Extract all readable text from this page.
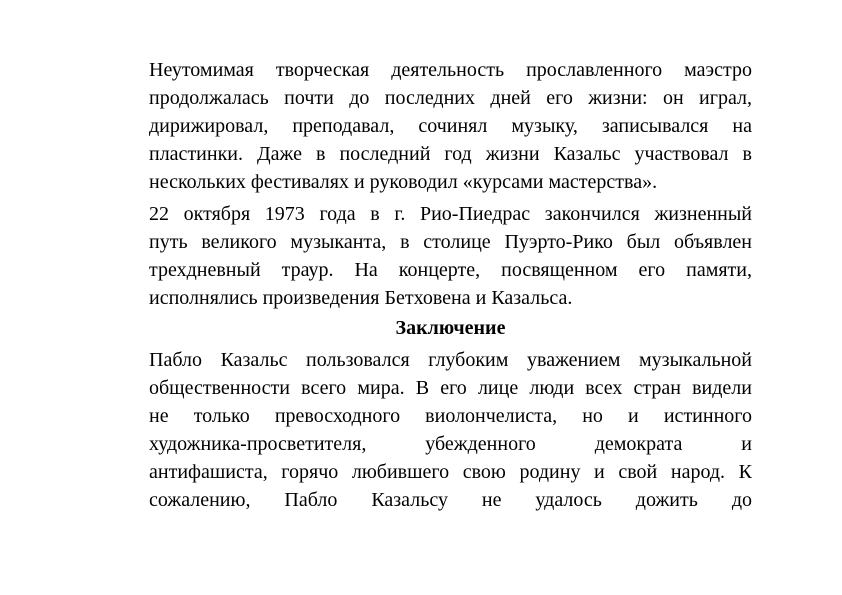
Неутомимая творческая деятельность прославленного маэстро
продолжалась почти до последних дней его жизни: он играл,
дирижировал, преподавал, сочинял музыку, записывался на
пластинки. Даже в последний год жизни Казальс участвовал в
нескольких фестивалях и руководил «курсами мастерства».
22 октября 1973 года в г. Рио-Пиедрас закончился жизненный
путь великого музыканта, в столице Пуэрто-Рико был объявлен
трехдневный траур. На концерте, посвященном его памяти,
исполнялись произведения Бетховена и Казальса.
Заключение
Пабло Казальс пользовался глубоким уважением музыкальной
общественности всего мира. В его лице люди всех стран видели
не только превосходного виолончелиста, но и истинного
художника-просветителя, убежденного демократа и
антифашиста, горячо любившего свою родину и свой народ. К
сожалению, Пабло Казальсу не удалось дожить до
